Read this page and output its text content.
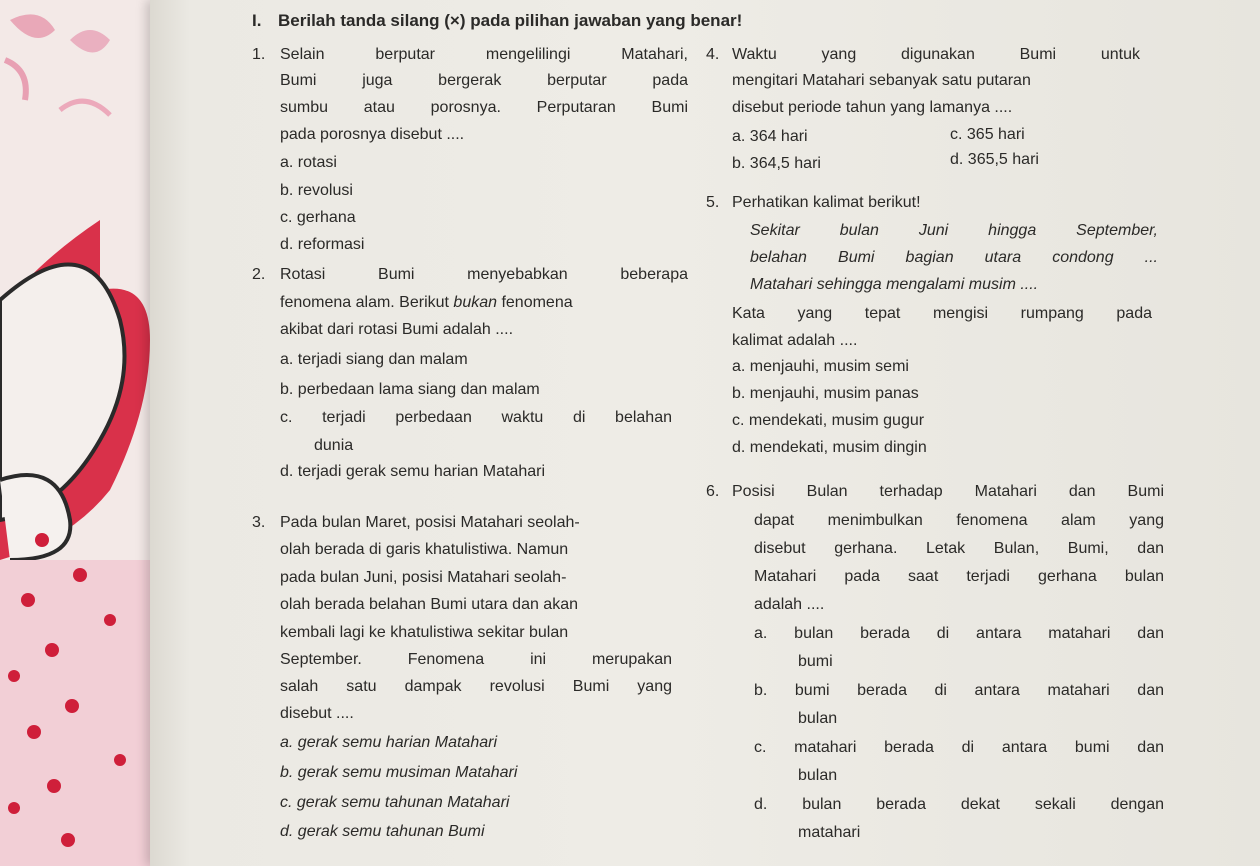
I. Berilah tanda silang (×) pada pilihan jawaban yang benar!
1. Selain berputar mengelilingi Matahari,
Bumi juga bergerak berputar pada
sumbu atau porosnya. Perputaran Bumi
pada porosnya disebut ....
a. rotasi
b. revolusi
c. gerhana
d. reformasi
2. Rotasi Bumi menyebabkan beberapa
fenomena alam. Berikut bukan fenomena
akibat dari rotasi Bumi adalah ....
a. terjadi siang dan malam
b. perbedaan lama siang dan malam
c. terjadi perbedaan waktu di belahan
dunia
d. terjadi gerak semu harian Matahari
3. Pada bulan Maret, posisi Matahari seolah-
olah berada di garis khatulistiwa. Namun
pada bulan Juni, posisi Matahari seolah-
olah berada belahan Bumi utara dan akan
kembali lagi ke khatulistiwa sekitar bulan
September. Fenomena ini merupakan
salah satu dampak revolusi Bumi yang
disebut ....
a. gerak semu harian Matahari
b. gerak semu musiman Matahari
c. gerak semu tahunan Matahari
d. gerak semu tahunan Bumi
4. Waktu yang digunakan Bumi untuk
mengitari Matahari sebanyak satu putaran
disebut periode tahun yang lamanya ....
a. 364 hari	c. 365 hari
b. 364,5 hari	d. 365,5 hari
5. Perhatikan kalimat berikut!
Sekitar bulan Juni hingga September,
belahan Bumi bagian utara condong ...
Matahari sehingga mengalami musim ....
Kata yang tepat mengisi rumpang pada
kalimat adalah ....
a. menjauhi, musim semi
b. menjauhi, musim panas
c. mendekati, musim gugur
d. mendekati, musim dingin
6. Posisi Bulan terhadap Matahari dan Bumi
dapat menimbulkan fenomena alam yang
disebut gerhana. Letak Bulan, Bumi, dan
Matahari pada saat terjadi gerhana bulan
adalah ....
a. bulan berada di antara matahari dan
bumi
b. bumi berada di antara matahari dan
bulan
c. matahari berada di antara bumi dan
bulan
d. bulan berada dekat sekali dengan
matahari
